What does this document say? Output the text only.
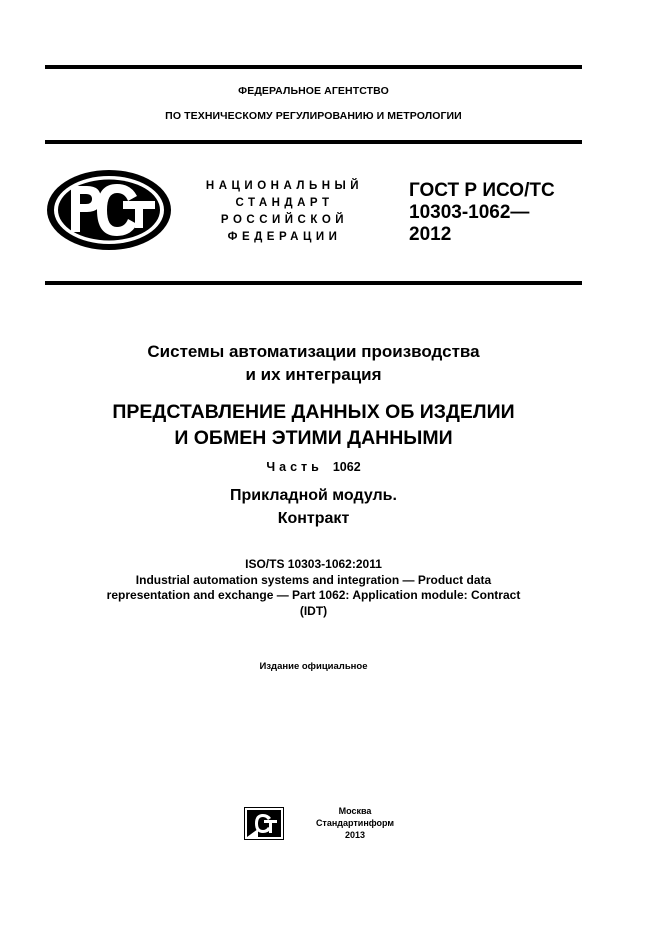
ФЕДЕРАЛЬНОЕ АГЕНТСТВО
ПО ТЕХНИЧЕСКОМУ РЕГУЛИРОВАНИЮ И МЕТРОЛОГИИ
НАЦИОНАЛЬНЫЙ
СТАНДАРТ
РОССИЙСКОЙ
ФЕДЕРАЦИИ
ГОСТ Р ИСО/ТС
10303-1062—
2012
Системы автоматизации производства
и их интеграция
ПРЕДСТАВЛЕНИЕ ДАННЫХ ОБ ИЗДЕЛИИ
И ОБМЕН ЭТИМИ ДАННЫМИ
Часть 1062
Прикладной модуль.
Контракт
ISO/TS 10303-1062:2011
Industrial automation systems and integration — Product data
representation and exchange — Part 1062: Application module: Contract
(IDT)
Издание официальное
Москва
Стандартинформ
2013
